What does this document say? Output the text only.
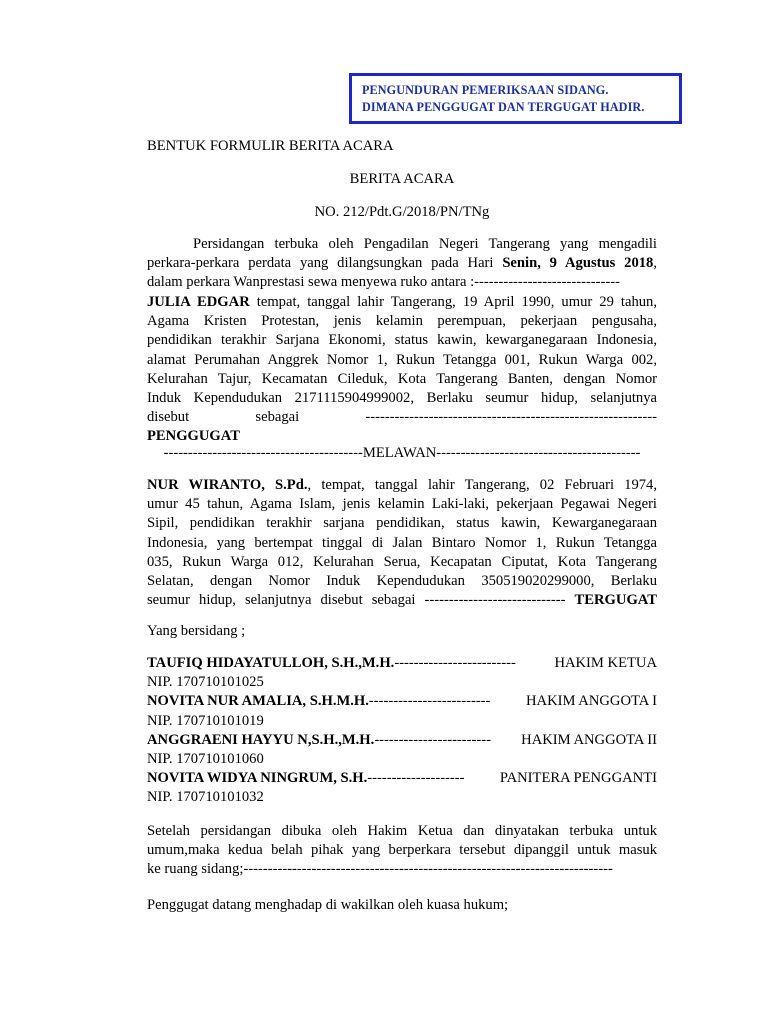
PENGUNDURAN PEMERIKSAAN SIDANG.
DIMANA PENGGUGAT DAN TERGUGAT HADIR.
BENTUK FORMULIR BERITA ACARA
BERITA ACARA
NO. 212/Pdt.G/2018/PN/TNg
Persidangan terbuka oleh Pengadilan Negeri Tangerang yang mengadili
perkara-perkara perdata yang dilangsungkan pada Hari Senin, 9 Agustus 2018,
dalam perkara Wanprestasi sewa menyewa ruko antara :------------------------------
JULIA EDGAR tempat, tanggal lahir Tangerang, 19 April 1990, umur 29 tahun,
Agama Kristen Protestan, jenis kelamin perempuan, pekerjaan pengusaha,
pendidikan terakhir Sarjana Ekonomi, status kawin, kewarganegaraan Indonesia,
alamat Perumahan Anggrek Nomor 1, Rukun Tetangga 001, Rukun Warga 002,
Kelurahan Tajur, Kecamatan Cileduk, Kota Tangerang Banten, dengan Nomor
Induk Kependudukan 2171115904999002, Berlaku seumur hidup, selanjutnya
disebut	sebagai	------------------------------------------------------------
PENGGUGAT
-----------------------------------------MELAWAN------------------------------------------
NUR WIRANTO, S.Pd., tempat, tanggal lahir Tangerang, 02 Februari 1974,
umur 45 tahun, Agama Islam, jenis kelamin Laki-laki, pekerjaan Pegawai Negeri
Sipil, pendidikan terakhir sarjana pendidikan, status kawin, Kewarganegaraan
Indonesia, yang bertempat tinggal di Jalan Bintaro Nomor 1, Rukun Tetangga
035, Rukun Warga 012, Kelurahan Serua, Kecapatan Ciputat, Kota Tangerang
Selatan, dengan Nomor Induk Kependudukan 350519020299000, Berlaku
seumur hidup, selanjutnya disebut sebagai ----------------------------- TERGUGAT
Yang bersidang ;
TAUFIQ HIDAYATULLOH, S.H.,M.H. -------------------------	HAKIM KETUA
NIP. 170710101025
NOVITA NUR AMALIA, S.H.M.H. -------------------------	HAKIM ANGGOTA I
NIP. 170710101019
ANGGRAENI HAYYU N,S.H.,M.H. ------------------------	HAKIM ANGGOTA II
NIP. 170710101060
NOVITA WIDYA NINGRUM, S.H. --------------------	PANITERA PENGGANTI
NIP. 170710101032
Setelah persidangan dibuka oleh Hakim Ketua dan dinyatakan terbuka untuk
umum,maka kedua belah pihak yang berperkara tersebut dipanggil untuk masuk
ke ruang sidang;----------------------------------------------------------------------------
Penggugat datang menghadap di wakilkan oleh kuasa hukum;
